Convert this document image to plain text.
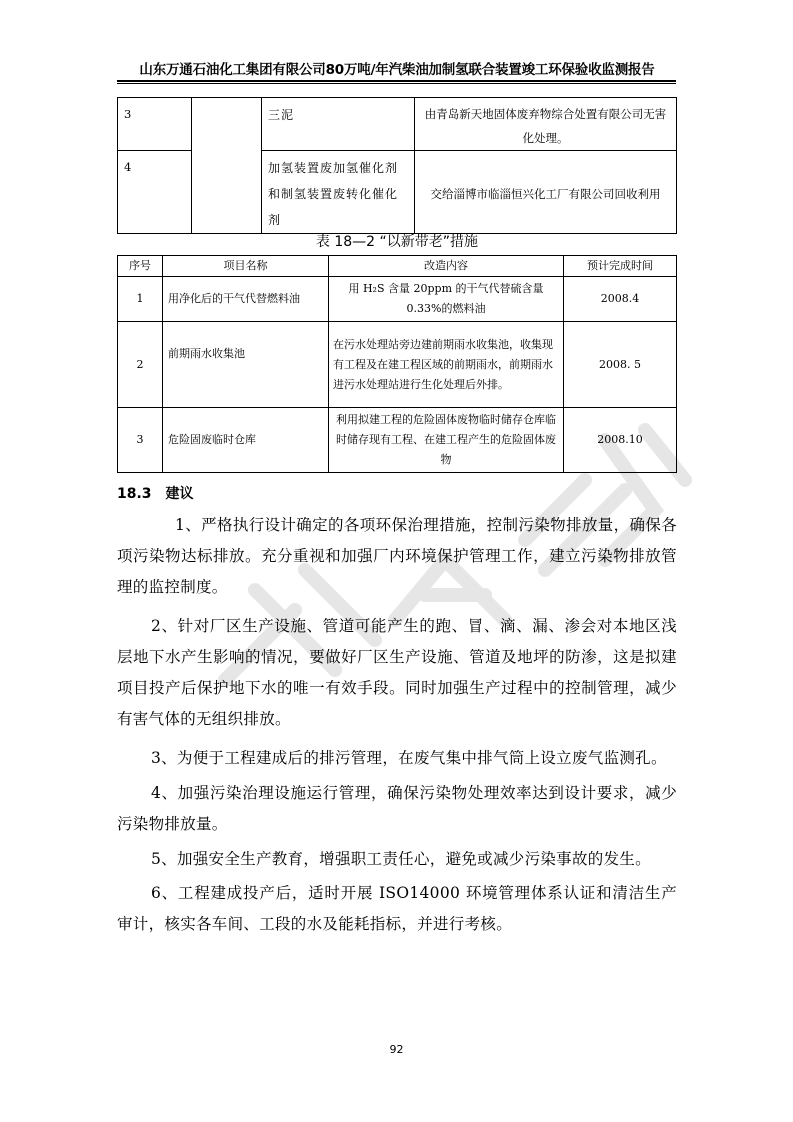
山东万通石油化工集团有限公司80万吨/年汽柴油加制氢联合装置竣工环保验收监测报告
3		三泥	由青岛新天地固体废弃物综合处置有限公司无害化处理。
4		加氢装置废加氢催化剂和制氢装置废转化催化剂	交给淄博市临淄恒兴化工厂有限公司回收利用
表 18—2 “以新带老”措施
序号	项目名称	改造内容	预计完成时间
1	用净化后的干气代替燃料油	用 H₂S 含量 20ppm 的干气代替硫含量 0.33%的燃料油	2008.4
2	前期雨水收集池	在污水处理站旁边建前期雨水收集池，收集现有工程及在建工程区域的前期雨水，前期雨水进污水处理站进行生化处理后外排。	2008. 5
3	危险固废临时仓库	利用拟建工程的危险固体废物临时储存仓库临时储存现有工程、在建工程产生的危险固体废物	2008.10
18.3 建议
1、严格执行设计确定的各项环保治理措施，控制污染物排放量，确保各项污染物达标排放。充分重视和加强厂内环境保护管理工作，建立污染物排放管理的监控制度。
2、针对厂区生产设施、管道可能产生的跑、冒、滴、漏、渗会对本地区浅层地下水产生影响的情况，要做好厂区生产设施、管道及地坪的防渗，这是拟建项目投产后保护地下水的唯一有效手段。同时加强生产过程中的控制管理，减少有害气体的无组织排放。
3、为便于工程建成后的排污管理，在废气集中排气筒上设立废气监测孔。
4、加强污染治理设施运行管理，确保污染物处理效率达到设计要求，减少污染物排放量。
5、加强安全生产教育，增强职工责任心，避免或减少污染事故的发生。
6、工程建成投产后，适时开展 ISO14000 环境管理体系认证和清洁生产审计，核实各车间、工段的水及能耗指标，并进行考核。
92
